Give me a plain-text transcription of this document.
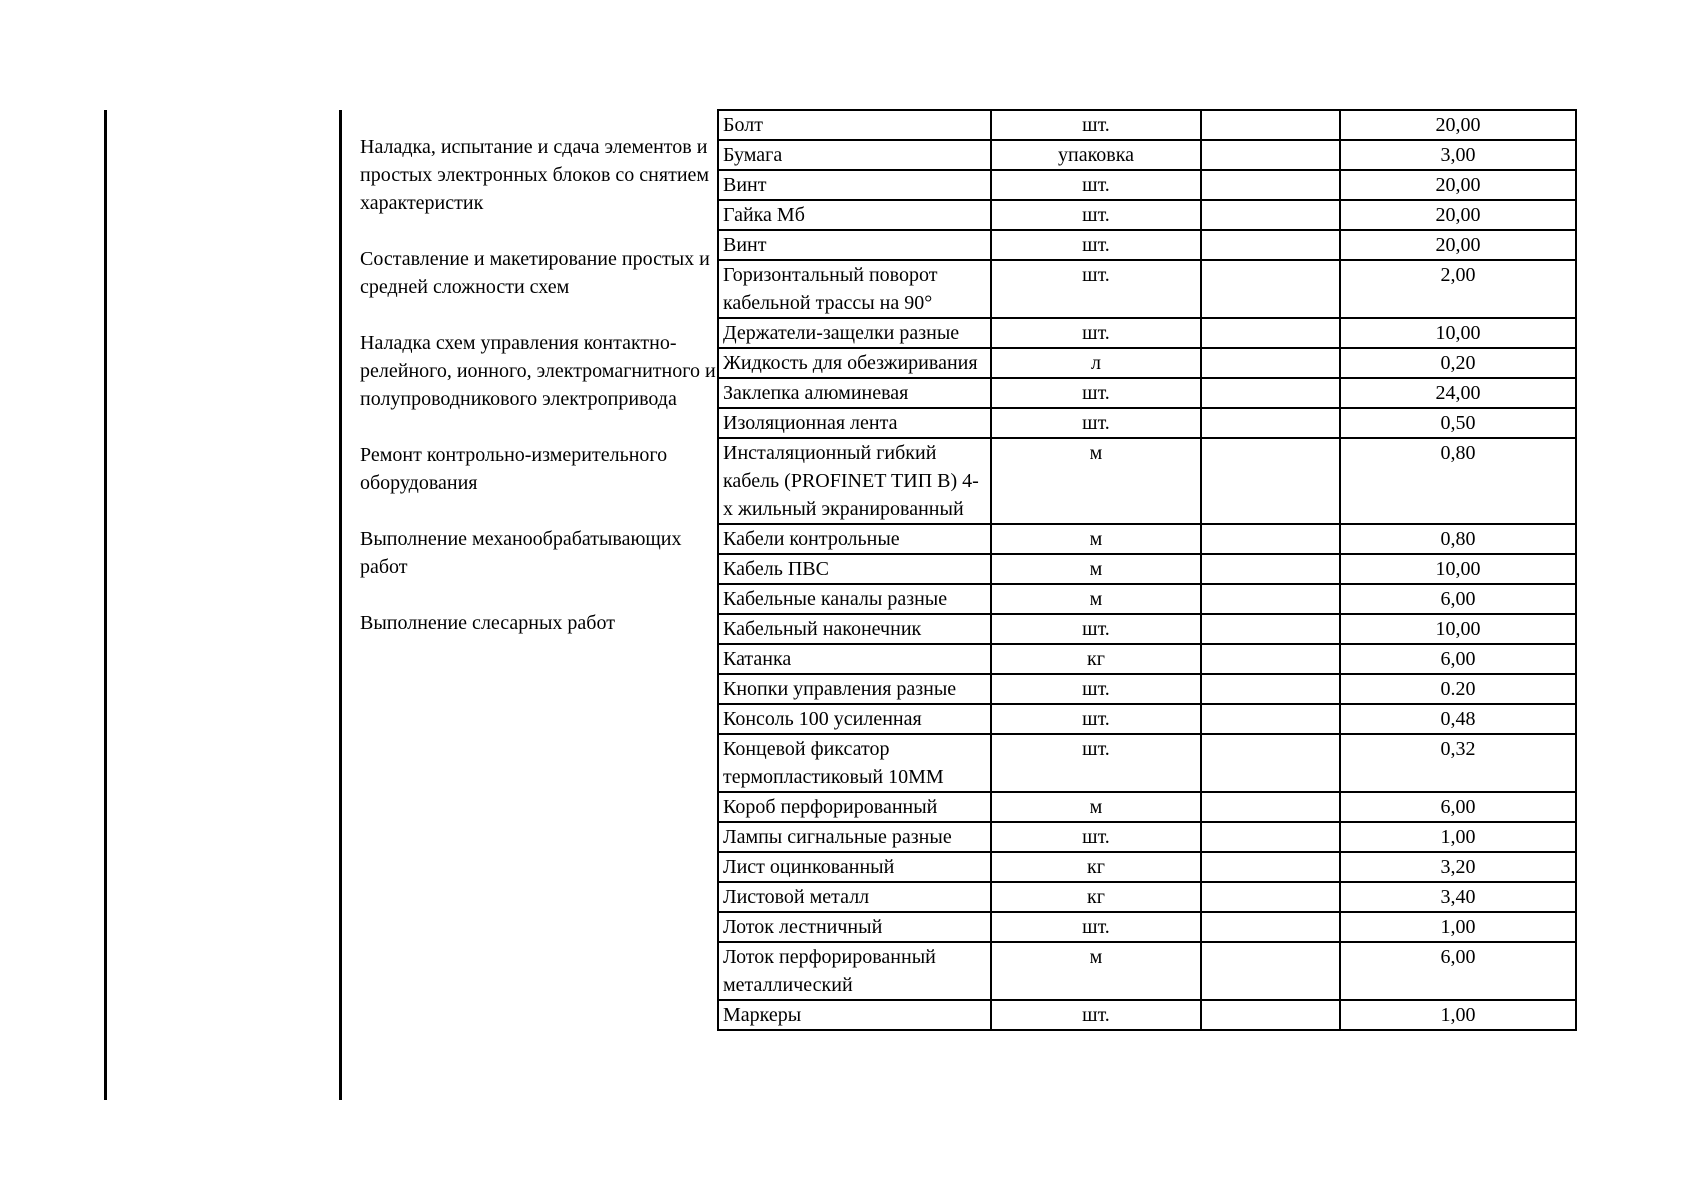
Наладка, испытание и сдача элементов и простых электронных блоков со снятием характеристик
Составление и макетирование простых и средней сложности схем
Наладка схем управления контактно-релейного, ионного, электромагнитного и полупроводникового электропривода
Ремонт контрольно-измерительного оборудования
Выполнение механообрабатывающих работ
Выполнение слесарных работ
Болт	шт.		20,00
Бумага	упаковка		3,00
Винт	шт.		20,00
Гайка Мб	шт.		20,00
Винт	шт.		20,00
Горизонтальный поворот кабельной трассы на 90°	шт.		2,00
Держатели-защелки разные	шт.		10,00
Жидкость для обезжиривания	л		0,20
Заклепка алюминевая	шт.		24,00
Изоляционная лента	шт.		0,50
Инсталяционный гибкий кабель (PROFINET ТИП В) 4-х жильный экранированный	м		0,80
Кабели контрольные	м		0,80
Кабель ПВС	м		10,00
Кабельные каналы разные	м		6,00
Кабельный наконечник	шт.		10,00
Катанка	кг		6,00
Кнопки управления разные	шт.		0.20
Консоль 100 усиленная	шт.		0,48
Концевой фиксатор термопластиковый 10ММ	шт.		0,32
Короб перфорированный	м		6,00
Лампы сигнальные разные	шт.		1,00
Лист оцинкованный	кг		3,20
Листовой металл	кг		3,40
Лоток лестничный	шт.		1,00
Лоток перфорированный металлический	м		6,00
Маркеры	шт.		1,00
